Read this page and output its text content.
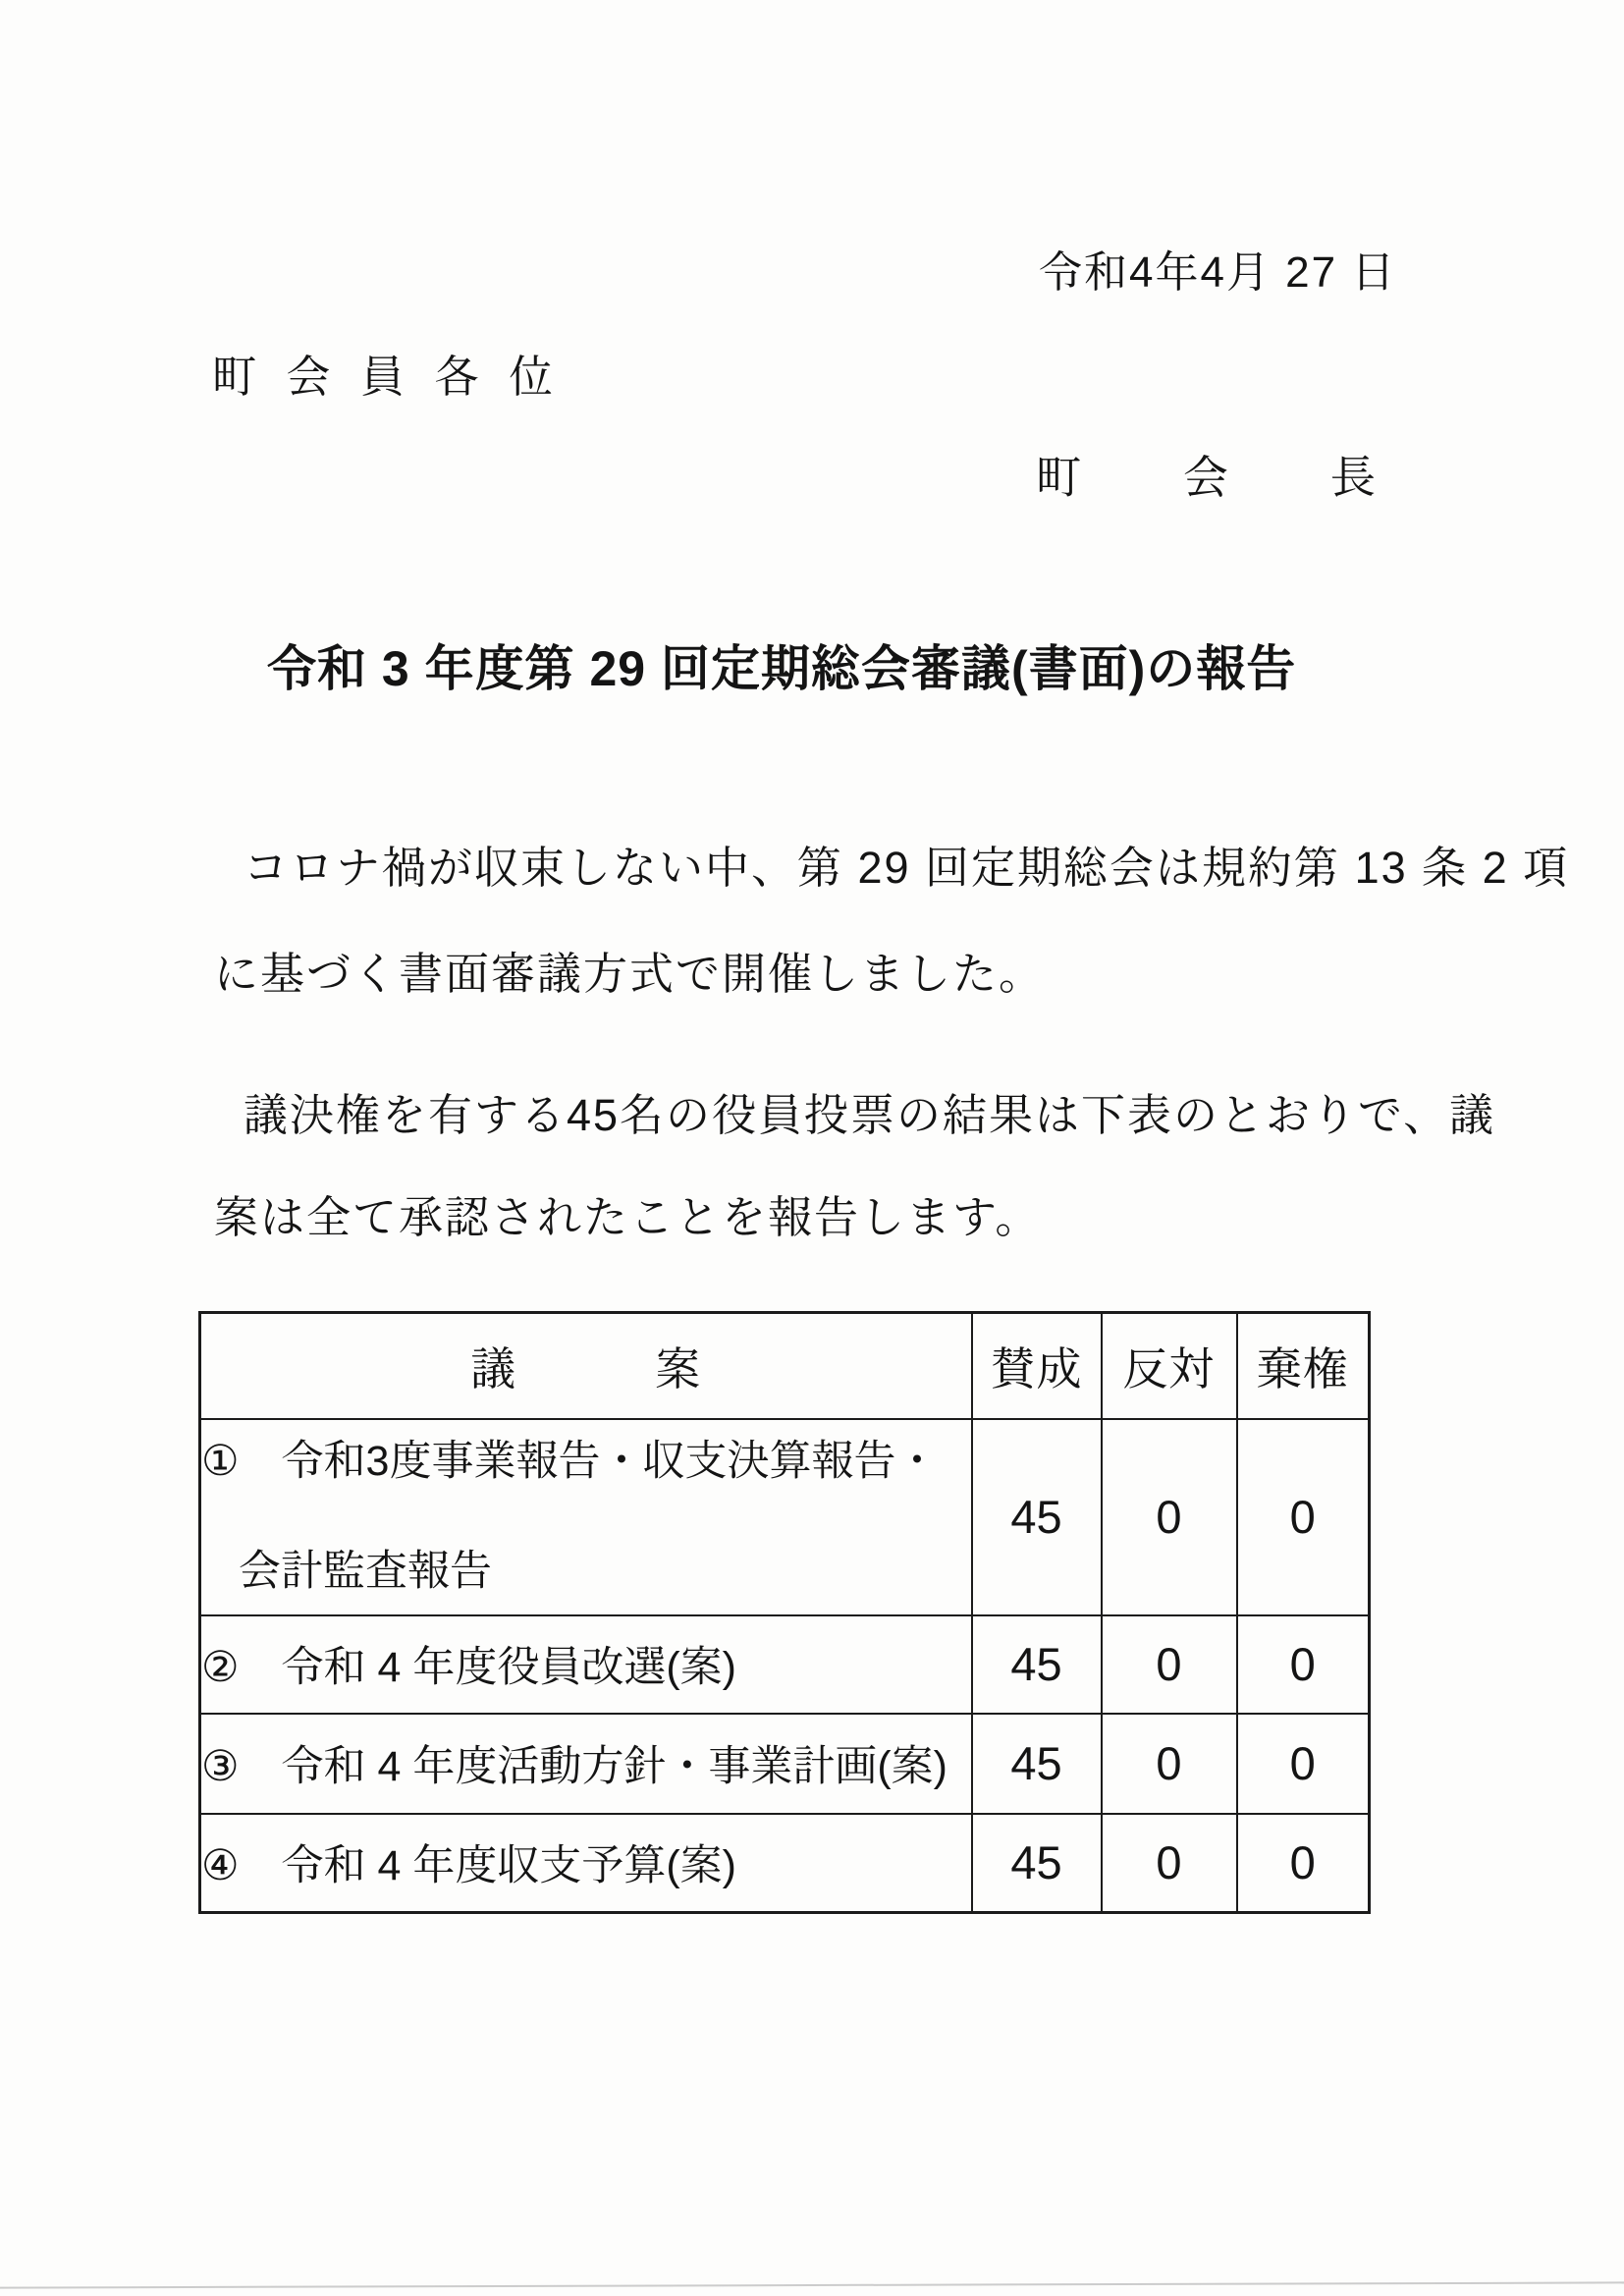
令和4年4月 27 日
町 会 員 各 位
町　　会　　長
令和 3 年度第 29 回定期総会審議(書面)の報告
コロナ禍が収束しない中、第 29 回定期総会は規約第 13 条 2 項
に基づく書面審議方式で開催しました。
議決権を有する45名の役員投票の結果は下表のとおりで、議
案は全て承認されたことを報告します。
議　　　案	賛成	反対	棄権

①　令和3度事業報告・収支決算報告・
会計監査報告	45	0	0
②　令和 4 年度役員改選(案)	45	0	0
③　令和 4 年度活動方針・事業計画(案)	45	0	0
④　令和 4 年度収支予算(案)	45	0	0
